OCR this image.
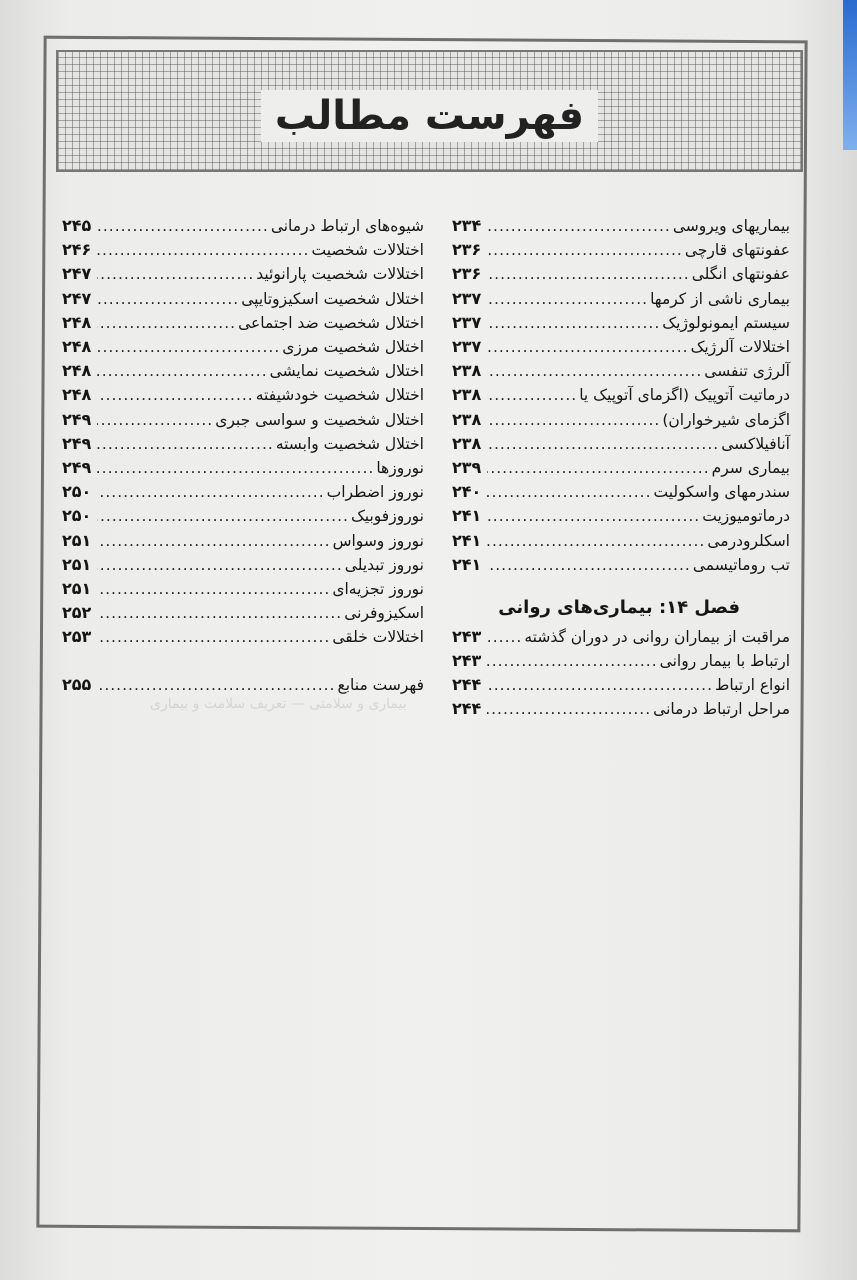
فهرست مطالب
بیماری و سلامتی — تعریف سلامت و بیماری
بیماریهای ویروسی
.....
۲۳۴
عفونتهای قارچی
.....
۲۳۶
عفونتهای انگلی
.....
۲۳۶
بیماری ناشی از کرمها
.....
۲۳۷
سیستم ایمونولوژیک
.....
۲۳۷
اختلالات آلرژیک
.....
۲۳۷
آلرژی تنفسی
.....
۲۳۸
درماتیت آتوپیک (اگزمای آتوپیک یا
.....
۲۳۸
اگزمای شیرخواران)
.....
۲۳۸
آنافیلاکسی
.....
۲۳۸
بیماری سرم
.....
۲۳۹
سندرمهای واسکولیت
.....
۲۴۰
درماتومیوزیت
.....
۲۴۱
اسکلرودرمی
.....
۲۴۱
تب روماتیسمی
.....
۲۴۱
فصل ۱۴: بیماری‌های روانی
مراقبت از بیماران روانی در دوران گذشته
.....
۲۴۳
ارتباط با بیمار روانی
.....
۲۴۳
انواع ارتباط
.....
۲۴۴
مراحل ارتباط درمانی
.....
۲۴۴
شیوه‌های ارتباط درمانی
.....
۲۴۵
اختلالات شخصیت
.....
۲۴۶
اختلالات شخصیت پارانوئید
.....
۲۴۷
اختلال شخصیت اسکیزوتایپی
.....
۲۴۷
اختلال شخصیت ضد اجتماعی
.....
۲۴۸
اختلال شخصیت مرزی
.....
۲۴۸
اختلال شخصیت نمایشی
.....
۲۴۸
اختلال شخصیت خودشیفته
.....
۲۴۸
اختلال شخصیت و سواسی جبری
.....
۲۴۹
اختلال شخصیت وابسته
.....
۲۴۹
نوروزها
.....
۲۴۹
نوروز اضطراب
.....
۲۵۰
نوروزفوبیک
.....
۲۵۰
نوروز وسواس
.....
۲۵۱
نوروز تبدیلی
.....
۲۵۱
نوروز تجزیه‌ای
.....
۲۵۱
اسکیزوفرنی
.....
۲۵۲
اختلالات خلقی
.....
۲۵۳
فهرست منابع
.....
۲۵۵
